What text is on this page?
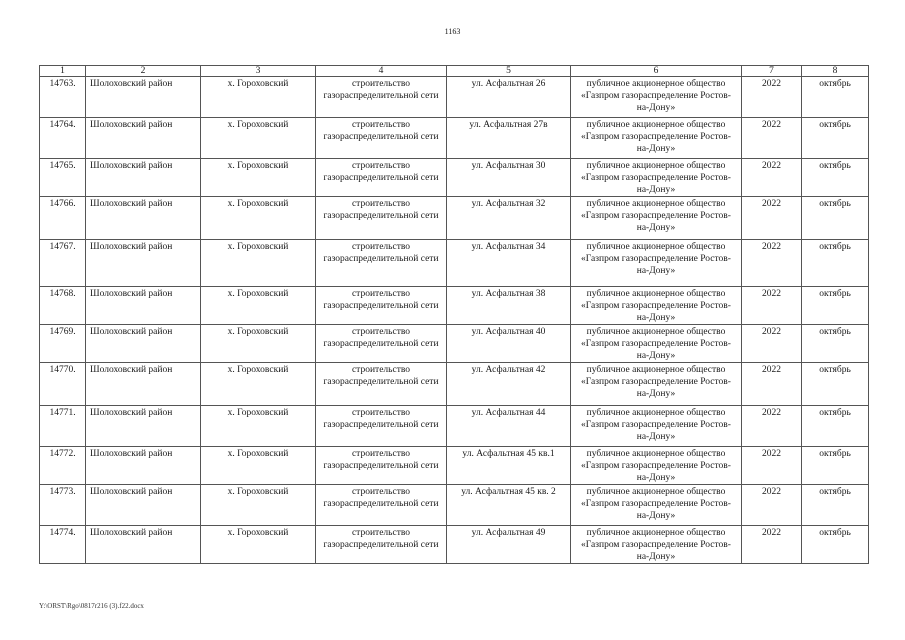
1163
1	2	3	4	5	6	7	8
14763.	Шолоховский район	х. Гороховский	строительство газораспределительной сети	ул. Асфальтная 26	публичное акционерное общество «Газпром газораспределение Ростов-на-Дону»	2022	октябрь
14764.	Шолоховский район	х. Гороховский	строительство газораспределительной сети	ул. Асфальтная 27в	публичное акционерное общество «Газпром газораспределение Ростов-на-Дону»	2022	октябрь
14765.	Шолоховский район	х. Гороховский	строительство газораспределительной сети	ул. Асфальтная 30	публичное акционерное общество «Газпром газораспределение Ростов-на-Дону»	2022	октябрь
14766.	Шолоховский район	х. Гороховский	строительство газораспределительной сети	ул. Асфальтная 32	публичное акционерное общество «Газпром газораспределение Ростов-на-Дону»	2022	октябрь
14767.	Шолоховский район	х. Гороховский	строительство газораспределительной сети	ул. Асфальтная 34	публичное акционерное общество «Газпром газораспределение Ростов-на-Дону»	2022	октябрь
14768.	Шолоховский район	х. Гороховский	строительство газораспределительной сети	ул. Асфальтная 38	публичное акционерное общество «Газпром газораспределение Ростов-на-Дону»	2022	октябрь
14769.	Шолоховский район	х. Гороховский	строительство газораспределительной сети	ул. Асфальтная 40	публичное акционерное общество «Газпром газораспределение Ростов-на-Дону»	2022	октябрь
14770.	Шолоховский район	х. Гороховский	строительство газораспределительной сети	ул. Асфальтная 42	публичное акционерное общество «Газпром газораспределение Ростов-на-Дону»	2022	октябрь
14771.	Шолоховский район	х. Гороховский	строительство газораспределительной сети	ул. Асфальтная 44	публичное акционерное общество «Газпром газораспределение Ростов-на-Дону»	2022	октябрь
14772.	Шолоховский район	х. Гороховский	строительство газораспределительной сети	ул. Асфальтная 45 кв.1	публичное акционерное общество «Газпром газораспределение Ростов-на-Дону»	2022	октябрь
14773.	Шолоховский район	х. Гороховский	строительство газораспределительной сети	ул. Асфальтная 45 кв. 2	публичное акционерное общество «Газпром газораспределение Ростов-на-Дону»	2022	октябрь
14774.	Шолоховский район	х. Гороховский	строительство газораспределительной сети	ул. Асфальтная 49	публичное акционерное общество «Газпром газораспределение Ростов-на-Дону»	2022	октябрь
Y:\ORST\Rgo\0817r216 (3).f22.docx
